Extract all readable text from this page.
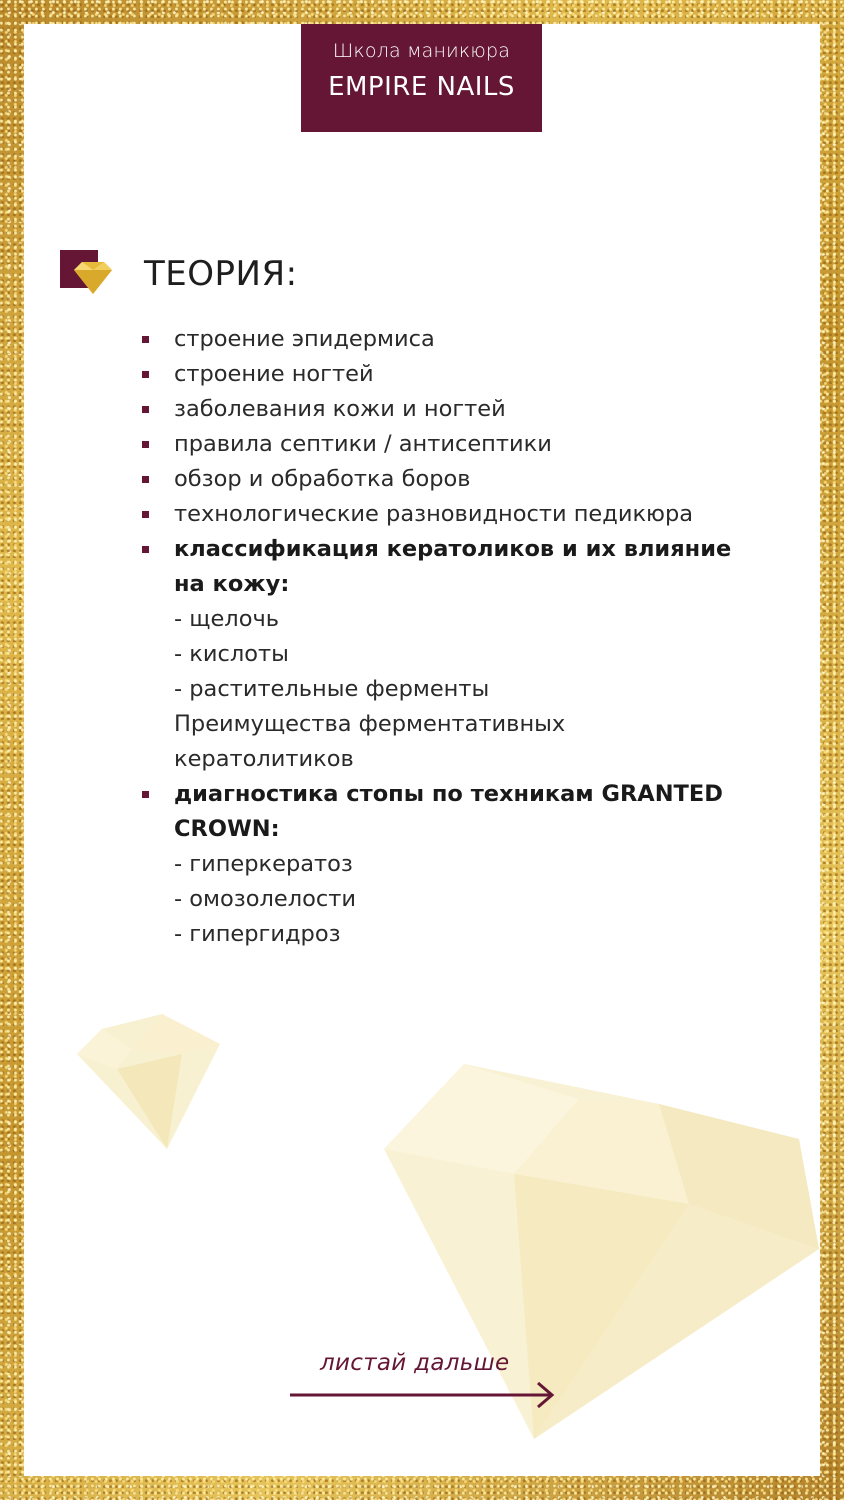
Школа маникюра
EMPIRE NAILS
ТЕОРИЯ:
строение эпидермиса
строение ногтей
заболевания кожи и ногтей
правила септики / антисептики
обзор и обработка боров
технологические разновидности педикюра
классификация кератоликов и их влияние
на кожу:
- щелочь
- кислоты
- растительные ферменты
Преимущества ферментативных
кератолитиков
диагностика стопы по техникам GRANTED
CROWN:
- гиперкератоз
- омозолелости
- гипергидроз
листай дальше
